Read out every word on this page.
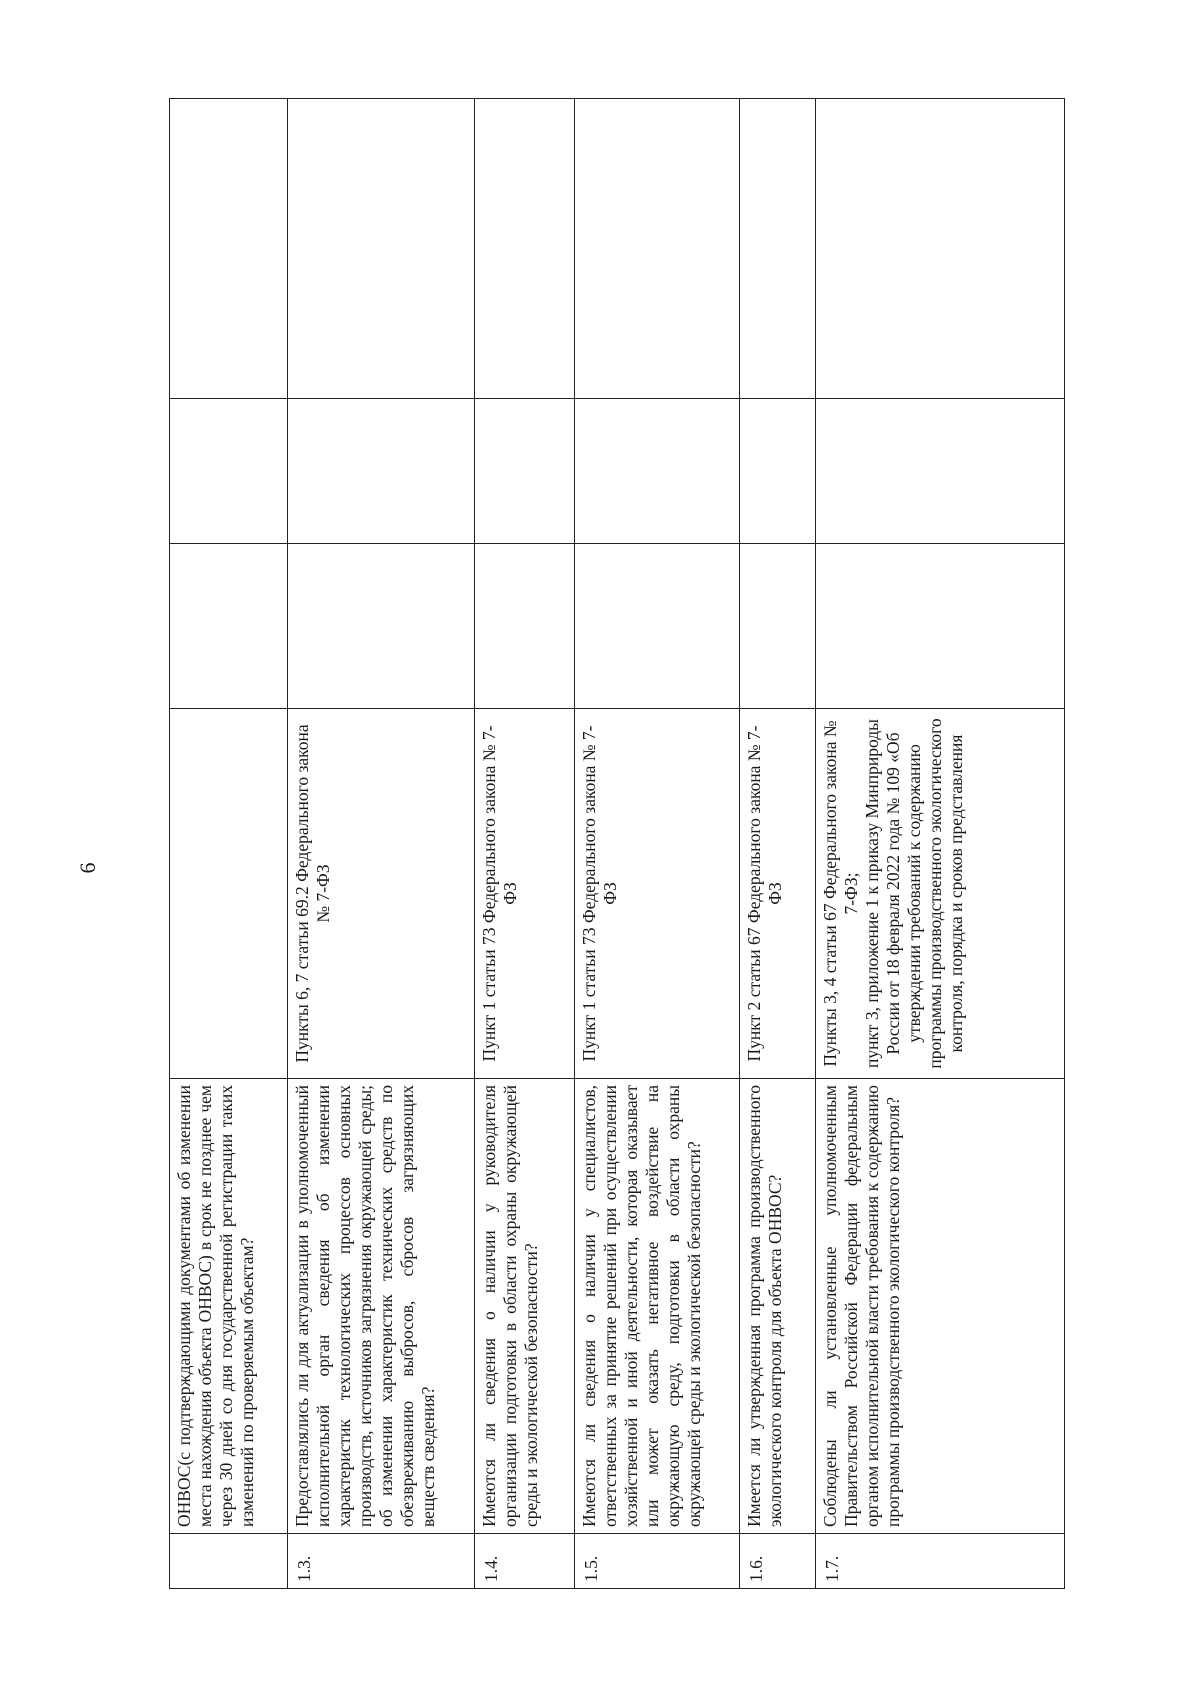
6
	ОНВОС(с подтверждающими документами об изменении места нахождения объекта ОНВОС) в срок не позднее чем через 30 дней со дня государственной регистрации таких изменений по проверяемым объектам?				
1.3.	Предоставлялись ли для актуализации в уполномоченный исполнительной орган сведения об изменении характеристик технологических процессов основных производств, источников загрязнения окружающей среды; об изменении характеристик технических средств по обезвреживанию выбросов, сбросов загрязняющих веществ сведения?	Пункты 6, 7 статьи 69.2 Федерального закона № 7-ФЗ			

1.4.	Имеются ли сведения о наличии у руководителя организации подготовки в области охраны окружающей среды и экологической безопасности?	Пункт 1 статьи 73 Федерального закона № 7-ФЗ			

1.5.	Имеются ли сведения о наличии у специалистов, ответственных за принятие решений при осуществлении хозяйственной и иной деятельности, которая оказывает или может оказать негативное воздействие на окружающую среду, подготовки в области охраны окружающей среды и экологической безопасности?	Пункт 1 статьи 73 Федерального закона № 7-ФЗ			

1.6.	Имеется ли утвержденная программа производственного экологического контроля для объекта ОНВОС?	Пункт 2 статьи 67 Федерального закона № 7-ФЗ			

1.7.	Соблюдены ли установленные уполномоченным Правительством Российской Федерации федеральным органом исполнительной власти требования к содержанию программы производственного экологического контроля?	Пункты 3, 4 статьи 67 Федерального закона № 7-ФЗ; пункт 3, приложение 1 к приказу Минприроды России от 18 февраля 2022 года № 109 «Об утверждении требований к содержанию программы производственного экологического контроля, порядка и сроков представления			
